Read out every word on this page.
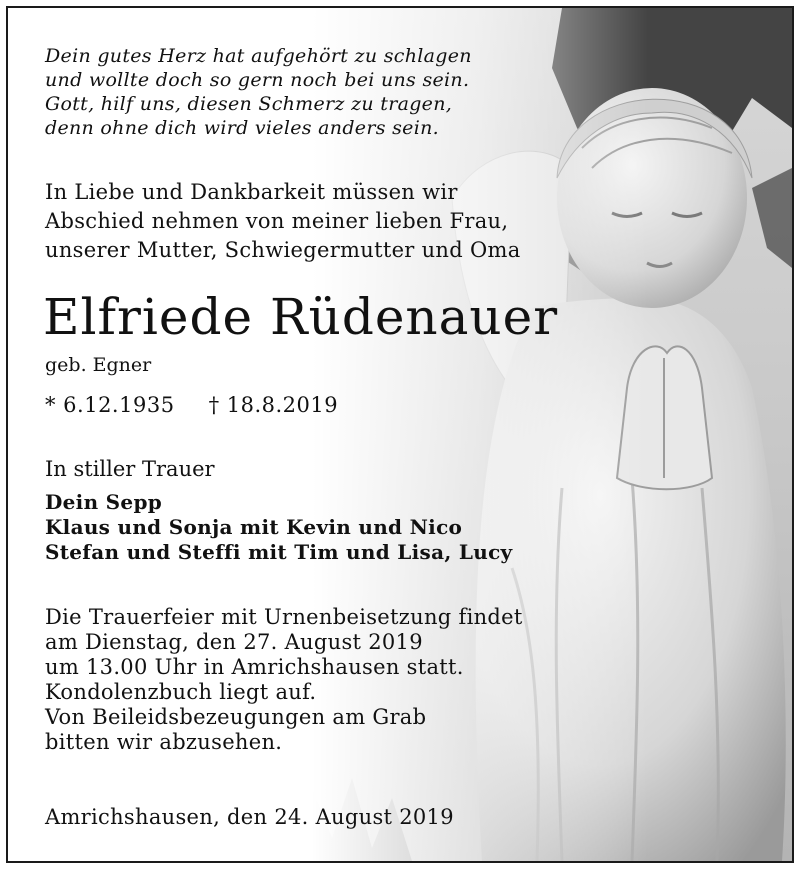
Dein gutes Herz hat aufgehört zu schlagen
und wollte doch so gern noch bei uns sein.
Gott, hilf uns, diesen Schmerz zu tragen,
denn ohne dich wird vieles anders sein.
In Liebe und Dankbarkeit müssen wir
Abschied nehmen von meiner lieben Frau,
unserer Mutter, Schwiegermutter und Oma
Elfriede Rüdenauer
geb. Egner
* 6.12.1935 † 18.8.2019
In stiller Trauer
Dein Sepp
Klaus und Sonja mit Kevin und Nico
Stefan und Steffi mit Tim und Lisa, Lucy
Die Trauerfeier mit Urnenbeisetzung findet
am Dienstag, den 27. August 2019
um 13.00 Uhr in Amrichshausen statt.
Kondolenzbuch liegt auf.
Von Beileidsbezeugungen am Grab
bitten wir abzusehen.
Amrichshausen, den 24. August 2019
